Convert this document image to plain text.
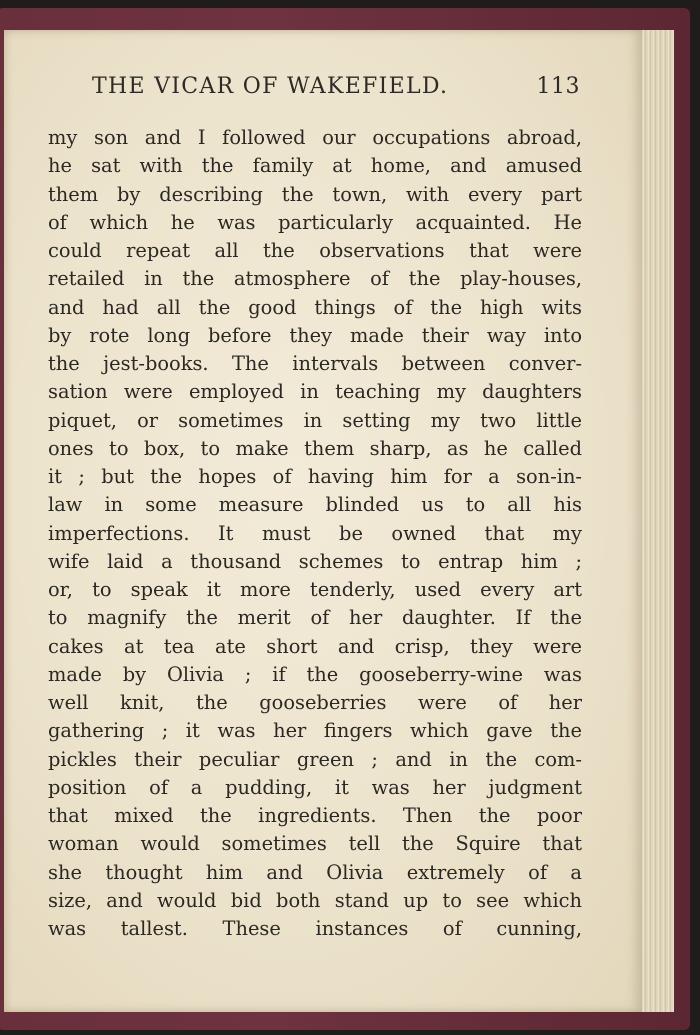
THE VICAR OF WAKEFIELD.	113
my son and I followed our occupations abroad,
he sat with the family at home, and amused
them by describing the town, with every part
of which he was particularly acquainted. He
could repeat all the observations that were
retailed in the atmosphere of the play-houses,
and had all the good things of the high wits
by rote long before they made their way into
the jest-books. The intervals between conver-
sation were employed in teaching my daughters
piquet, or sometimes in setting my two little
ones to box, to make them sharp, as he called
it ; but the hopes of having him for a son-in-
law in some measure blinded us to all his
imperfections. It must be owned that my
wife laid a thousand schemes to entrap him ;
or, to speak it more tenderly, used every art
to magnify the merit of her daughter. If the
cakes at tea ate short and crisp, they were
made by Olivia ; if the gooseberry-wine was
well knit, the gooseberries were of her
gathering ; it was her fingers which gave the
pickles their peculiar green ; and in the com-
position of a pudding, it was her judgment
that mixed the ingredients. Then the poor
woman would sometimes tell the Squire that
she thought him and Olivia extremely of a
size, and would bid both stand up to see which
was tallest. These instances of cunning,
